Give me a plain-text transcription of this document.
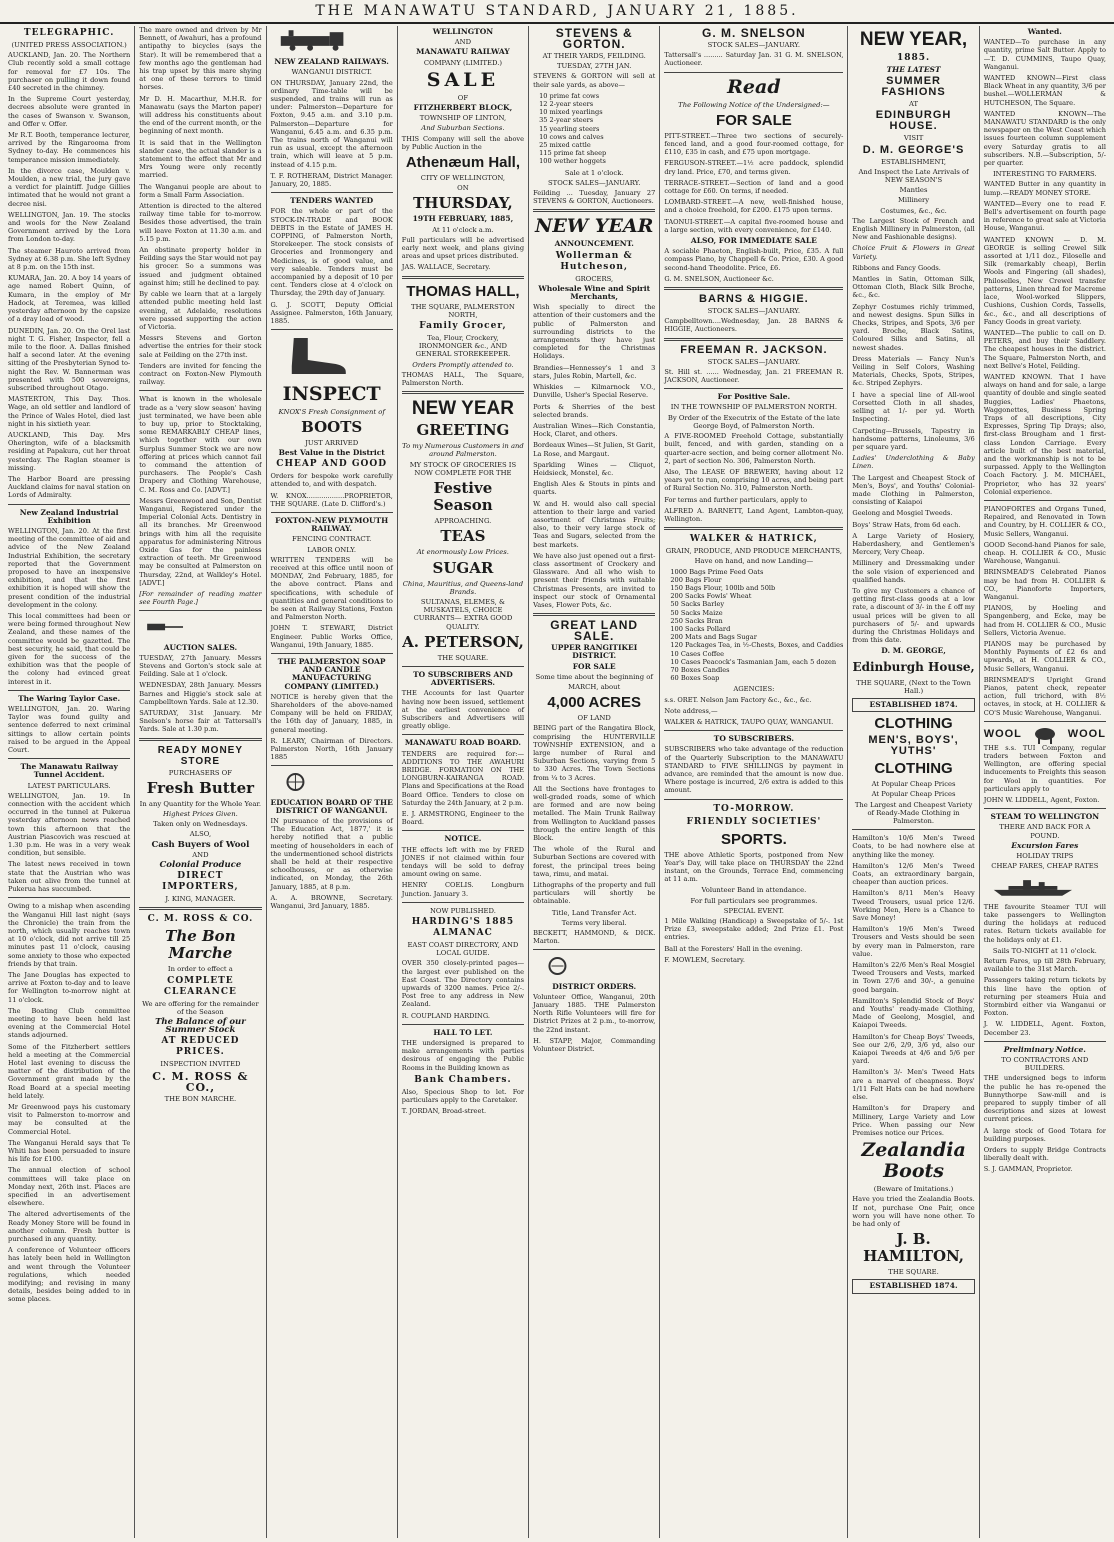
THE MANAWATU STANDARD, JANUARY 21, 1885.
TELEGRAPHIC.
(UNITED PRESS ASSOCIATION.)

AUCKLAND, Jan. 20. The Northern Club recently sold a small cottage for removal for £7 10s. The purchaser on pulling it down found £40 secreted in the chimney.

In the Supreme Court yesterday, decrees absolute were granted in the cases of Swanson v. Swanson, and Offer v. Offer.

Mr R.T. Booth, temperance lecturer, arrived by the Ringarooma from Sydney to-day. He commences his temperance mission immediately.

In the divorce case, Moulden v. Moulden, a new trial, the jury gave a verdict for plaintiff. Judge Gillies intimated that he would not grant a decree nisi.

WELLINGTON, Jan. 19. The stocks and wools for the New Zealand Government arrived by the Lora from London to-day.

The steamer Hauroto arrived from Sydney at 6.38 p.m. She left Sydney at 8 p.m. on the 15th inst.

KUMARA, Jan. 20. A boy 14 years of age named Robert Quinn, of Kumara, in the employ of Mr Hadock, at Teremea, was killed yesterday afternoon by the capsize of a dray load of wood.

DUNEDIN, Jan. 20. On the Orel last night T. G. Fisher, Inspector, fell a mile to the floor. A. Dallas finished half a second later. At the evening sitting of the Presbyterian Synod to-night the Rev. W. Bannerman was presented with 500 sovereigns, subscribed throughout Otago.

MASTERTON, This Day. Thos. Wage, an old settler and landlord of the Prince of Wales Hotel, died last night in his sixtieth year.

AUCKLAND, This Day. Mrs Oherington, wife of a blacksmith residing at Papakura, cut her throat yesterday. The Raglan steamer is missing.

The Harbor Board are pressing Auckland claims for naval station on Lords of Admiralty.

New Zealand Industrial Exhibition

WELLINGTON, Jan. 20. At the first meeting of the committee of aid and advice of the New Zealand Industrial Exhibition, the secretary reported that the Government proposed to have an inexpensive exhibition, and that the first exhibition it is hoped will show the present condition of the industrial development in the colony.

This local committees had been or were being formed throughout New Zealand, and these names of the committee would be gazetted. The best security, he said, that could be given for the success of the exhibition was that the people of the colony had evinced great interest in it.

The Waring Taylor Case.

WELLINGTON, Jan. 20. Waring Taylor was found guilty and sentence deferred to next criminal sittings to allow certain points raised to be argued in the Appeal Court.

The Manawatu Railway Tunnel Accident.
LATEST PARTICULARS.

WELLINGTON, Jan. 19. In connection with the accident which occurred in the tunnel at Pukerua yesterday afternoon news reached town this afternoon that the Austrian Piascovich was rescued at 1.30 p.m. He was in a very weak condition, but sensible.

The latest news received in town state that the Austrian who was taken out alive from the tunnel at Pukerua has succumbed.

Owing to a mishap when ascending the Wanganui Hill last night (says the Chronicle) the train from the north, which usually reaches town at 10 o'clock, did not arrive till 25 minutes past 11 o'clock, causing some anxiety to those who expected friends by that train.

The Jane Douglas has expected to arrive at Foxton to-day and to leave for Wellington to-morrow night at 11 o'clock.

The Boating Club committee meeting to have been held last evening at the Commercial Hotel stands adjourned.

Some of the Fitzherbert settlers held a meeting at the Commercial Hotel last evening to discuss the matter of the distribution of the Government grant made by the Road Board at a special meeting held lately.

Mr Greenwood pays his customary visit to Palmerston to-morrow and may be consulted at the Commercial Hotel.

The Wanganui Herald says that Te Whiti has been persuaded to insure his life for £100.

The annual election of school committees will take place on Monday next, 26th inst. Places are specified in an advertisement elsewhere.

The altered advertisements of the Ready Money Store will be found in another column. Fresh butter is purchased in any quantity.

A conference of Volunteer officers has lately been held in Wellington and went through the Volunteer regulations, which needed modifying; and revising in many details, besides being added to in some places.

The mare owned and driven by Mr Bennett, of Awahuri, has a profound antipathy to bicycles (says the Star). It will be remembered that a few months ago the gentleman had his trap upset by this mare shying at one of these terrors to timid horses.

Mr D. H. Macarthur, M.H.R. for Manawatu (says the Marton paper) will address his constituents about the end of the current month, or the beginning of next month.

It is said that in the Wellington slander case, the actual slander is a statement to the effect that Mr and Mrs Young were only recently married.

The Wanganui people are about to form a Small Farm Association.

Attention is directed to the altered railway time table for to-morrow. Besides those advertised, the train will leave Foxton at 11.30 a.m. and 5.15 p.m.

An obstinate property holder in Feilding says the Star would not pay his grocer. So a summons was issued and judgment obtained against him; still he declined to pay.

By cable we learn that at a largely attended public meeting held last evening, at Adelaide, resolutions were passed supporting the action of Victoria.

Messrs Stevens and Gorton advertise the entries for their stock sale at Feilding on the 27th inst.

Tenders are invited for fencing the contract on Foxton-New Plymouth railway.

What is known in the wholesale trade as a 'very slow season' having just terminated, we have been able to buy up, prior to Stocktaking, some REMARKABLY CHEAP lines, which together with our own Surplus Summer Stock we are now offering at prices which cannot fail to command the attention of purchasers. The People's Cash Drapery and Clothing Warehouse, C. M. Ross and Co. [ADVT.]

Messrs Greenwood and Son, Dentist Wanganui, Registered under the Imperial Colonial Acts. Dentistry in all its branches. Mr Greenwood brings with him all the requisite apparatus for administering Nitrous Oxide Gas for the painless extraction of teeth. Mr Greenwood may be consulted at Palmerston on Thursday, 22nd, at Walkley's Hotel. [ADVT.]

[For remainder of reading matter see Fourth Page.]

AUCTION SALES.

TUESDAY, 27th January. Messrs Stevens and Gorton's stock sale at Feilding. Sale at 1 o'clock.

WEDNESDAY, 28th January. Messrs Barnes and Higgie's stock sale at Campbelltown Yards. Sale at 12.30.

SATURDAY, 31st January. Mr Snelson's horse fair at Tattersall's Yards. Sale at 1.30 p.m.

READY MONEY STORE
PURCHASERS OF
Fresh Butter
In any Quantity for the Whole Year.
Highest Prices Given.
Taken only on Wednesdays.
ALSO,
Cash Buyers of Wool
AND
Colonial Produce
DIRECT IMPORTERS,
J. KING, MANAGER.
C. M. ROSS & CO.
The Bon Marche
In order to effect a
COMPLETE CLEARANCE
We are offering for the remainder of the Season
The Balance of our Summer Stock
AT REDUCED PRICES.
INSPECTION INVITED
C. M. ROSS & CO.,
THE BON MARCHE.
NEW ZEALAND RAILWAYS.
WANGANUI DISTRICT.

ON THURSDAY, January 22nd, the ordinary Time-table will be suspended, and trains will run as under: Palmerston—Departure for Foxton, 9.45 a.m. and 3.10 p.m. Palmerston—Departure for Wanganui, 6.45 a.m. and 6.35 p.m. The trains north of Wanganui will run as usual, except the afternoon train, which will leave at 5 p.m. instead of 4.15 p.m.

T. F. ROTHERAM, District Manager. January, 20, 1885.

TENDERS WANTED

FOR the whole or part of the STOCK-IN-TRADE and BOOK DEBTS in the Estate of JAMES H. COPPING, of Palmerston North, Storekeeper. The stock consists of Groceries and Ironmongery and Medicines, is of good value, and very saleable. Tenders must be accompanied by a deposit of 10 per cent. Tenders close at 4 o'clock on Thursday, the 29th day of January.

G. J. SCOTT, Deputy Official Assignee. Palmerston, 16th January, 1885.

INSPECT
KNOX'S Fresh Consignment of
BOOTS
JUST ARRIVED
Best Value in the District
CHEAP AND GOOD

Orders for bespoke work carefully attended to, and with despatch.

W. KNOX..................PROPRIETOR, THE SQUARE. (Late D. Clifford's.)

FOXTON-NEW PLYMOUTH RAILWAY.
FENCING CONTRACT.
LABOR ONLY.

WRITTEN TENDERS will be received at this office until noon of MONDAY, 2nd February, 1885, for the above contract. Plans and specifications, with schedule of quantities and general conditions to be seen at Railway Stations, Foxton and Palmerston North.

JOHN T. STEWART, District Engineer. Public Works Office, Wanganui, 19th January, 1885.

THE PALMERSTON SOAP AND CANDLE MANUFACTURING COMPANY (LIMITED.)

NOTICE is hereby given that the Shareholders of the above-named Company will be held on FRIDAY, the 16th day of January, 1885, in general meeting.

R. LEARY, Chairman of Directors. Palmerston North, 16th January 1885

EDUCATION BOARD OF THE DISTRICT OF WANGANUI.

IN pursuance of the provisions of 'The Education Act, 1877,' it is hereby notified that a public meeting of householders in each of the undermentioned school districts shall be held at their respective schoolhouses, or as otherwise indicated, on Monday, the 26th January, 1885, at 8 p.m.

A. A. BROWNE, Secretary. Wanganui, 3rd January, 1885.

WELLINGTON
AND
MANAWATU RAILWAY
COMPANY (LIMITED.)
SALE
OF
FITZHERBERT BLOCK,
TOWNSHIP OF LINTON,
And Suburban Sections.

THIS Company will sell the above by Public Auction in the

Athenæum Hall,
CITY OF WELLINGTON,
ON
THURSDAY,
19TH FEBRUARY, 1885,
At 11 o'clock a.m.

Full particulars will be advertised early next week, and plans giving areas and upset prices distributed.

JAS. WALLACE, Secretary.

THOMAS HALL,
THE SQUARE, PALMERSTON NORTH,
Family Grocer,
Tea, Flour, Crockery, IRONMONGER &c., AND GENERAL STOREKEEPER.
Orders Promptly attended to.

THOMAS HALL, The Square, Palmerston North.

NEW YEAR
GREETING
To my Numerous Customers in and around Palmerston.
MY STOCK OF GROCERIES IS NOW COMPLETE FOR THE
Festive Season
APPROACHING.
TEAS
At enormously Low Prices.
SUGAR
China, Mauritius, and Queens-land Brands.
SULTANAS, ELEMES, & MUSKATELS, CHOICE CURRANTS— EXTRA GOOD QUALITY.
A. PETERSON,
THE SQUARE.
TO SUBSCRIBERS AND ADVERTISERS.

THE Accounts for last Quarter having now been issued, settlement at the earliest convenience of Subscribers and Advertisers will greatly oblige.

MANAWATU ROAD BOARD.

TENDERS are required for:— ADDITIONS TO THE AWAHURI BRIDGE. FORMATION ON THE LONGBURN-KAIRANGA ROAD. Plans and Specifications at the Road Board Office. Tenders to close on Saturday the 24th January, at 2 p.m.

E. J. ARMSTRONG, Engineer to the Board.

NOTICE.

THE effects left with me by FRED JONES if not claimed within four tendays will be sold to defray amount owing on same.

HENRY COELIS. Longburn Junction. January 3.

NOW PUBLISHED.
HARDING'S 1885 ALMANAC
EAST COAST DIRECTORY, AND LOCAL GUIDE.

OVER 350 closely-printed pages—the largest ever published on the East Coast. The Directory contains upwards of 3200 names. Price 2/-. Post free to any address in New Zealand.

R. COUPLAND HARDING.

HALL TO LET.

THE undersigned is prepared to make arrangements with parties desirous of engaging the Public Rooms in the Building known as

Bank Chambers.

Also, Specious Shop to let. For particulars apply to the Caretaker.

T. JORDAN, Broad-street.

STEVENS & GORTON.
AT THEIR YARDS, FEILDING.
TUESDAY, 27TH JAN.

STEVENS & GORTON will sell at their sale yards, as above—

10 prime fat cows
12 2-year steers
10 mixed yearlings
35 2-year steers
15 yearling steers
10 cows and calves
25 mixed cattle
115 prime fat sheep
100 wether hoggets
Sale at 1 o'clock.
STOCK SALES—JANUARY.

Feilding ... Tuesday, January 27 STEVENS & GORTON, Auctioneers.

NEW YEAR
ANNOUNCEMENT.
Wollerman & Hutcheson,
GROCERS,
Wholesale Wine and Spirit Merchants,

Wish specially to direct the attention of their customers and the public of Palmerston and surrounding districts to the arrangements they have just completed for the Christmas Holidays.

Brandies—Hennessey's 1 and 3 stars, Jules Robin, Martell, &c.

Whiskies — Kilmarnock V.O., Dunville, Usher's Special Reserve.

Ports & Sherries of the best selected brands.

Australian Wines—Rich Constantia, Hock, Claret, and others.

Bordeaux Wines—St Julien, St Garit, La Rose, and Margaut.

Sparkling Wines — Cliquot, Heidsieck, Monstel, &c.

English Ales & Stouts in pints and quarts.

W. and H. would also call special attention to their large and varied assortment of Christmas Fruits; also, to their very large stock of Teas and Sugars, selected from the best markets.

We have also just opened out a first-class assortment of Crockery and Glassware. And all who wish to present their friends with suitable Christmas Presents, are invited to inspect our stock of Ornamental Vases, Flower Pots, &c.

GREAT LAND SALE.
UPPER RANGITIKEI DISTRICT.
FOR SALE
Some time about the beginning of
MARCH, about
4,000 ACRES
OF LAND

BEING part of the Rangatira Block, comprising the HUNTERVILLE TOWNSHIP EXTENSION, and a large number of Rural and Suburban Sections, varying from 5 to 330 Acres. The Town Sections from ¼ to 3 Acres.

All the Sections have frontages to well-graded roads, some of which are formed and are now being metalled. The Main Trunk Railway from Wellington to Auckland passes through the entire length of this Block.

The whole of the Rural and Suburban Sections are covered with forest, the principal trees being tawa, rimu, and matai.

Lithographs of the property and full particulars will shortly be obtainable.

Title, Land Transfer Act.
Terms very liberal.

BECKETT, HAMMOND, & DICK. Marton.

DISTRICT ORDERS.

Volunteer Office, Wanganui, 20th January 1885. THE Palmerston North Rifle Volunteers will fire for District Prizes at 2 p.m., to-morrow, the 22nd instant.

H. STAPP, Major, Commanding Volunteer District.

G. M. SNELSON
STOCK SALES—JANUARY.

Tattersall's ......... Saturday Jan. 31 G. M. SNELSON, Auctioneer.

Read
The Following Notice of the Undersigned:—
FOR SALE

PITT-STREET.—Three two sections of securely-fenced land, and a good four-roomed cottage, for £110, £35 in cash, and £75 upon mortgage.

FERGUSON-STREET.—1½ acre paddock, splendid dry land. Price, £70, and terms given.

TERRACE-STREET.—Section of land and a good cottage for £60. On terms, if needed.

LOMBARD-STREET.—A new, well-finished house, and a choice freehold, for £200. £175 upon terms.

TAONUI-STREET.—A capital five-roomed house and a large section, with every convenience, for £140.

ALSO, FOR IMMEDIATE SALE

A sociable Phaeton, English-built, Price, £35. A full compass Piano, by Chappell & Co. Price, £30. A good second-hand Theodolite. Price, £6.

G. M. SNELSON, Auctioneer &c.

BARNS & HIGGIE.
STOCK SALES—JANUARY.

Campbelltown....Wednesday, Jan. 28 BARNS & HIGGIE, Auctioneers.

FREEMAN R. JACKSON.
STOCK SALES—JANUARY.

St. Hill st. ...... Wednesday, Jan. 21 FREEMAN R. JACKSON, Auctioneer.

For Positive Sale.
IN THE TOWNSHIP OF PALMERSTON NORTH.
By Order of the Executrix of the Estate of the late George Boyd, of Palmerston North.

A FIVE-ROOMED Freehold Cottage, substantially built, fenced, and with garden, standing on a quarter-acre section, and being corner allotment No. 2, part of section No. 306, Palmerston North.

Also, The LEASE OF BREWERY, having about 12 years yet to run, comprising 10 acres, and being part of Rural Section No. 310, Palmerston North.

For terms and further particulars, apply to

ALFRED A. BARNETT, Land Agent, Lambton-quay, Wellington.

WALKER & HATRICK,
GRAIN, PRODUCE, AND PRODUCE MERCHANTS,
Have on hand, and now Landing—
1000 Bags Prime Feed Oats
200 Bags Flour
150 Bags Flour, 100lb and 50lb
200 Sacks Fowls' Wheat
50 Sacks Barley
50 Sacks Maize
250 Sacks Bran
100 Sacks Pollard
200 Mats and Bags Sugar
120 Packages Tea, in ½-Chests, Boxes, and Caddies
10 Cases Coffee
10 Cases Peacock's Tasmanian Jam, each 5 dozen
70 Boxes Candles
60 Boxes Soap
AGENCIES:

s.s. ORET. Nelson Jam Factory &c., &c., &c.

Note address,—

WALKER & HATRICK, TAUPO QUAY, WANGANUI.

TO SUBSCRIBERS.

SUBSCRIBERS who take advantage of the reduction of the Quarterly Subscription to the MANAWATU STANDARD to FIVE SHILLINGS by payment in advance, are reminded that the amount is now due. Where postage is incurred, 2/6 extra is added to this amount.

TO-MORROW.
FRIENDLY SOCIETIES'
SPORTS.

THE above Athletic Sports, postponed from New Year's Day, will take place on THURSDAY the 22nd instant, on the Grounds, Terrace End, commencing at 11 a.m.

Volunteer Band in attendance.
For full particulars see programmes.
SPECIAL EVENT.

1 Mile Walking (Handicap) a Sweepstake of 5/-. 1st Prize £3, sweepstake added; 2nd Prize £1. Post entries.

Ball at the Foresters' Hall in the evening.

F. MOWLEM, Secretary.

NEW YEAR,
1885.
THE LATEST
SUMMER FASHIONS
AT
EDINBURGH HOUSE.
VISIT
D. M. GEORGE'S
ESTABLISHMENT,
And Inspect the Late Arrivals of NEW SEASON'S
Mantles
Millinery
Costumes, &c., &c.

The Largest Stock of French and English Millinery in Palmerston, (all New and Fashionable designs).

Choice Fruit & Flowers in Great Variety.

Ribbons and Fancy Goods.

Mantles in Satin, Ottoman Silk, Ottoman Cloth, Black Silk Broche, &c., &c.

Zephyr Costumes richly trimmed, and newest designs. Spun Silks in Checks, Stripes, and Spots, 3/6 per yard. Broche, Black Satins, Coloured Silks and Satins, all newest shades.

Dress Materials — Fancy Nun's Veiling in Self Colors, Washing Materials, Checks, Spots, Stripes, &c. Striped Zephyrs.

I have a special line of All-wool Corsetted Cloth in all shades, selling at 1/- per yd. Worth Inspecting.

Carpeting—Brussels, Tapestry in handsome patterns, Linoleums, 3/6 per square yard.

Ladies' Underclothing & Baby Linen.

The Largest and Cheapest Stock of Men's, Boys', and Youths' Colonial-made Clothing in Palmerston, consisting of Kaiapoi

Geelong and Mosgiel Tweeds.

Boys' Straw Hats, from 6d each.

A Large Variety of Hosiery, Haberdashery, and Gentlemen's Mercery, Very Cheap.

Millinery and Dressmaking under the sole vision of experienced and qualified hands.

To give my Customers a chance of getting first-class goods at a low rate, a discount of 3/- in the £ off my usual prices will be given to all purchasers of 5/- and upwards during the Christmas Holidays and from this date.

D. M. GEORGE,
Edinburgh House,
THE SQUARE, (Next to the Town Hall.)
ESTABLISHED 1874.
CLOTHING
MEN'S, BOYS', YUTHS'
CLOTHING
At Popular Cheap Prices
At Popular Cheap Prices
The Largest and Cheapest Variety of Ready-Made Clothing in Palmerston.

Hamilton's 10/6 Men's Tweed Coats, to be had nowhere else at anything like the money.

Hamilton's 12/6 Men's Tweed Coats, an extraordinary bargain, cheaper than auction prices.

Hamilton's 8/11 Men's Heavy Tweed Trousers, usual price 12/6. Working Men, Here is a Chance to Save Money!

Hamilton's 19/6 Men's Tweed Trousers and Vests should be seen by every man in Palmerston, rare value.

Hamilton's 22/6 Men's Real Mosgiel Tweed Trousers and Vests, marked in Town 27/6 and 30/-, a genuine good bargain.

Hamilton's Splendid Stock of Boys' and Youths' ready-made Clothing, Made of Geelong, Mosgiel, and Kaiapoi Tweeds.

Hamilton's for Cheap Boys' Tweeds, See our 2/6, 2/9, 3/6 yd, also our Kaiapoi Tweeds at 4/6 and 5/6 per yard.

Hamilton's 3/- Men's Tweed Hats are a marvel of cheapness. Boys' 1/11 Felt Hats can be had nowhere else.

Hamilton's for Drapery and Millinery, Large Variety and Low Price. When passing our New Premises notice our Prices.

Zealandia Boots
(Beware of Imitations.)

Have you tried the Zealandia Boots. If not, purchase One Pair, once worn you will have none other. To be had only of

J. B. HAMILTON,
THE SQUARE.
ESTABLISHED 1874.
Wanted.

WANTED—To purchase in any quantity, prime Salt Butter. Apply to—T. D. CUMMINS, Taupo Quay, Wanganui.

WANTED KNOWN—First class Black Wheat in any quantity, 3/6 per bushel.—WOLLERMAN & HUTCHESON, The Square.

WANTED KNOWN—The MANAWATU STANDARD is the only newspaper on the West Coast which issues fourteen column supplement every Saturday gratis to all subscribers. N.B.—Subscription, 5/- per quarter.

INTERESTING TO FARMERS.

WANTED Butter in any quantity in lump.—READY MONEY STORE.

WANTED—Every one to read F. Bell's advertisement on fourth page in reference to great sale at Victoria House, Wanganui.

WANTED KNOWN — D. M. GEORGE is selling Crewel Silk assorted at 1/11 doz., Filoselle and Silk (remarkably cheap), Berlin Wools and Fingering (all shades), Philoselles, New Crewel transfer patterns, Linen thread for Macreme lace, Wool-worked Slippers, Cushions, Cushion Cords, Tassells, &c., &c., and all descriptions of Fancy Goods in great variety.

WANTED—The public to call on D. PETERS, and buy their Saddlery. The cheapest houses in the district. The Square, Palmerston North, and next Bellve's Hotel, Feilding.

WANTED KNOWN. That I have always on hand and for sale, a large quantity of double and single seated Buggies, Ladies' Phaetons, Waggonettes, Business Spring Traps of all descriptions, City Expresses, Spring Tip Drays; also, first-class Brougham and 1 first-class London Carriage. Every article built of the best material, and the workmanship is not to be surpassed. Apply to the Wellington Coach Factory. J. M. MICHAEL, Proprietor, who has 32 years' Colonial experience.

PIANOFORTES and Organs Tuned, Repaired, and Renovated in Town and Country, by H. COLLIER & CO., Music Sellers, Wanganui.

GOOD Second-hand Pianos for sale, cheap. H. COLLIER & CO., Music Warehouse, Wanganui.

BRINSMEAD'S Celebrated Pianos may be had from H. COLLIER & CO., Pianoforte Importers, Wanganui.

PIANOS, by Hoeling and Spangenberg, and Ecke, may be had from H. COLLIER & CO., Music Sellers, Victoria Avenue.

PIANOS may be purchased by Monthly Payments of £2 6s and upwards, at H. COLLIER & CO., Music Sellers, Wanganui.

BRINSMEAD'S Upright Grand Pianos, patent check, repeater action, full trichord, with 8½ octaves, in stock, at H. COLLIER & CO'S Music Warehouse, Wanganui.

WOOL	WOOL

THE s.s. TUI Company, regular traders between Foxton and Wellington, are offering special inducements to Freights this season for Wool in quantities. For particulars apply to

JOHN W. LIDDELL, Agent, Foxton.

STEAM TO WELLINGTON
THERE AND BACK FOR A POUND.
Excursion Fares
HOLIDAY TRIPS
CHEAP FARES, CHEAP RATES

THE favourite Steamer TUI will take passengers to Wellington during the holidays at reduced rates. Return tickets available for the holidays only at £1.

Sails TO-NIGHT at 11 o'clock.

Return Fares, up till 28th February, available to the 31st March.

Passengers taking return tickets by this line have the option of returning per steamers Huia and Stormbird either via Wanganui or Foxton.

J. W. LIDDELL, Agent. Foxton, December 23.

Preliminary Notice.
TO CONTRACTORS AND BUILDERS.

THE undersigned begs to inform the public he has re-opened the Bunnythorpe Saw-mill and is prepared to supply timber of all descriptions and sizes at lowest current prices.

A large stock of Good Totara for building purposes.

Orders to supply Bridge Contracts liberally dealt with.

S. J. GAMMAN, Proprietor.
